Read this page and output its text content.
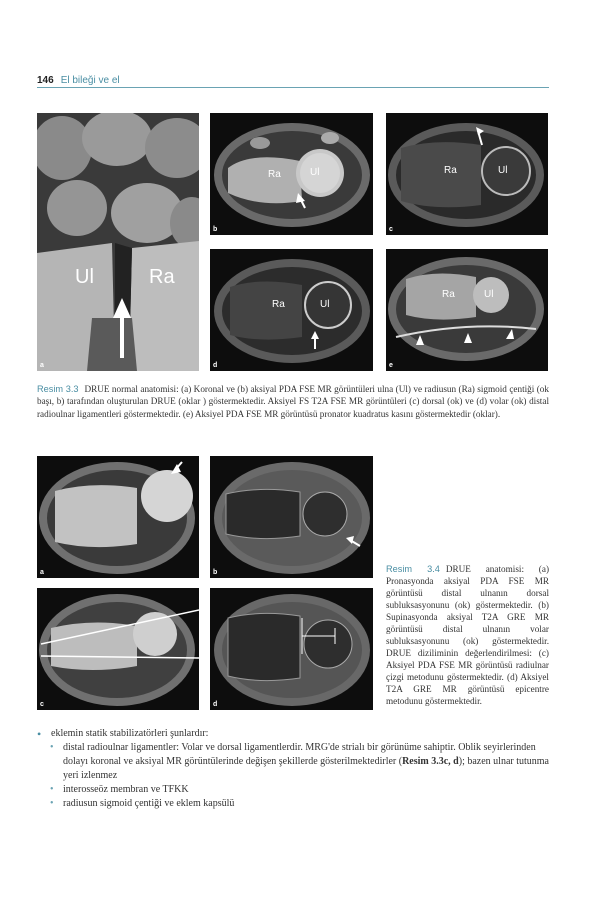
146 El bileği ve el
Ul	Ra
a
Ra	Ul
b
Ra	Ul
c
Ra	Ul
d
Ra	Ul
e
Resim 3.3 DRUE normal anatomisi: (a) Koronal ve (b) aksiyal PDA FSE MR görüntüleri ulna (Ul) ve radiusun (Ra) sigmoid çentiği (ok başı, b) tarafından oluşturulan DRUE (oklar ) göstermektedir. Aksiyel FS T2A FSE MR görüntüleri (c) dorsal (ok) ve (d) volar (ok) distal radioulnar ligamentleri göstermektedir. (e) Aksiyel PDA FSE MR görüntüsü pronator kuadratus kasını göstermektedir (oklar).
a	b
c	d
Resim 3.4 DRUE anatomisi: (a) Pronasyonda aksiyal PDA FSE MR görüntüsü distal ulnanın dorsal subluksasyonunu (ok) göstermektedir. (b) Supinasyonda aksiyal T2A GRE MR görüntüsü distal ulnanın volar subluksasyonunu (ok) göstermektedir. DRUE diziliminin değerlendirilmesi: (c) Aksiyel PDA FSE MR görüntüsü radiulnar çizgi metodunu göstermektedir. (d) Aksiyel T2A GRE MR görüntüsü epicentre metodunu göstermektedir.
• eklemin statik stabilizatörleri şunlardır:
• distal radioulnar ligamentler: Volar ve dorsal ligamentlerdir. MRG'de strialı bir görünüme sahiptir. Oblik seyirlerinden dolayı koronal ve aksiyal MR görüntülerinde değişen şekillerde gösterilmektedirler (Resim 3.3c, d); bazen ulnar tutunma yeri izlenmez
• interosseöz membran ve TFKK
• radiusun sigmoid çentiği ve eklem kapsülü
